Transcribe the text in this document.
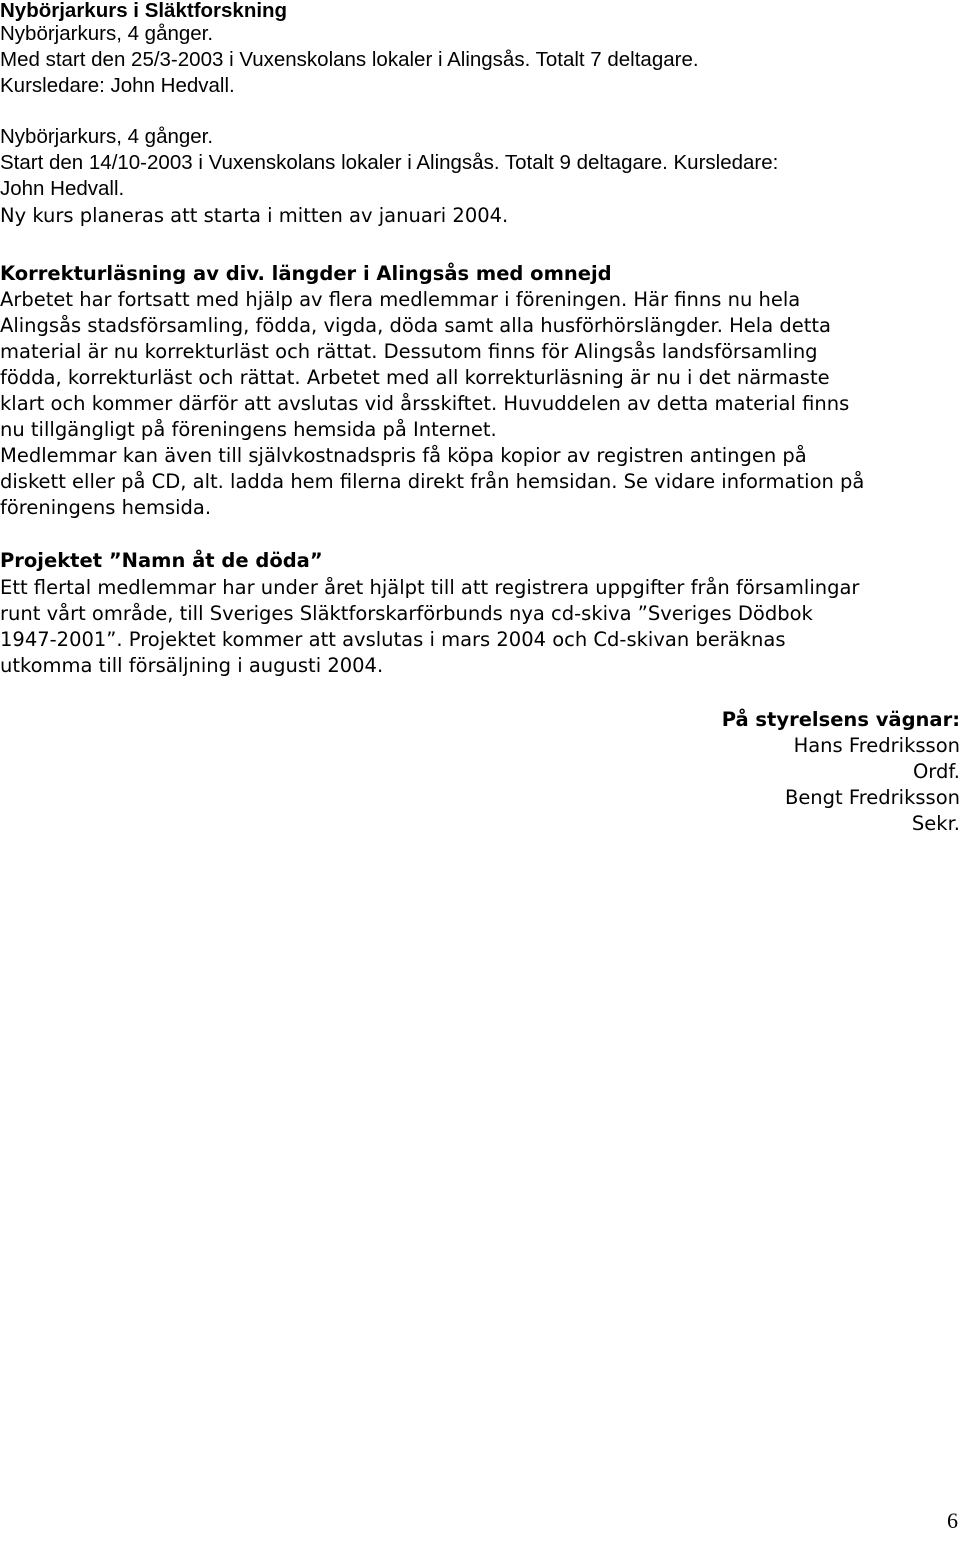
Nybörjarkurs i Släktforskning
Nybörjarkurs, 4 gånger.
Med start den 25/3-2003 i Vuxenskolans lokaler i Alingsås. Totalt 7 deltagare.
Kursledare: John Hedvall.
Nybörjarkurs, 4 gånger.
Start den 14/10-2003 i Vuxenskolans lokaler i Alingsås. Totalt 9 deltagare. Kursledare:
John Hedvall.
Ny kurs planeras att starta i mitten av januari 2004.
Korrekturläsning av div. längder i Alingsås med omnejd
Arbetet har fortsatt med hjälp av flera medlemmar i föreningen. Här finns nu hela
Alingsås stadsförsamling, födda, vigda, döda samt alla husförhörslängder. Hela detta
material är nu korrekturläst och rättat. Dessutom finns för Alingsås landsförsamling
födda, korrekturläst och rättat. Arbetet med all korrekturläsning är nu i det närmaste
klart och kommer därför att avslutas vid årsskiftet. Huvuddelen av detta material finns
nu tillgängligt på föreningens hemsida på Internet.
Medlemmar kan även till självkostnadspris få köpa kopior av registren antingen på
diskett eller på CD, alt. ladda hem filerna direkt från hemsidan. Se vidare information på
föreningens hemsida.
Projektet ”Namn åt de döda”
Ett flertal medlemmar har under året hjälpt till att registrera uppgifter från församlingar
runt vårt område, till Sveriges Släktforskarförbunds nya cd-skiva ”Sveriges Dödbok
1947-2001”. Projektet kommer att avslutas i mars 2004 och Cd-skivan beräknas
utkomma till försäljning i augusti 2004.
På styrelsens vägnar:
Hans Fredriksson
Ordf.
Bengt Fredriksson
Sekr.
6
